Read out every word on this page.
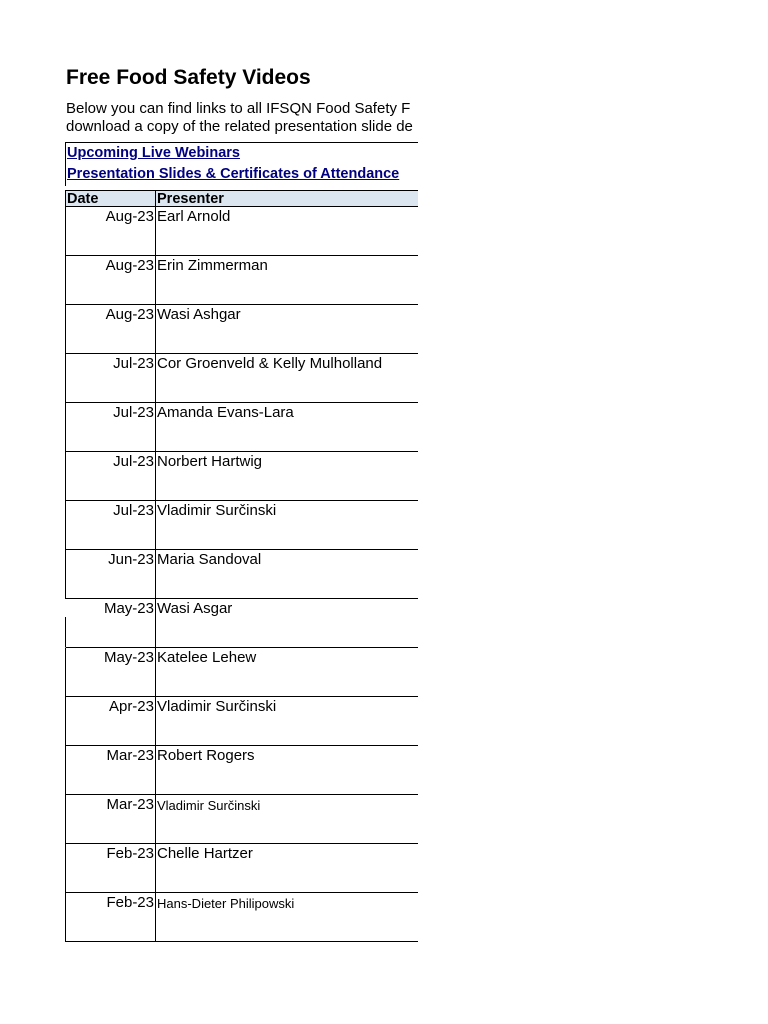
Free Food Safety Videos
Below you can find links to all IFSQN Food Safety F
download a copy of the related presentation slide de
Upcoming Live Webinars
Presentation Slides & Certificates of Attendance
Date	Presenter
Aug-23 Earl Arnold
Aug-23 Erin Zimmerman
Aug-23 Wasi Ashgar
Jul-23 Cor Groenveld & Kelly Mulholland
Jul-23 Amanda Evans-Lara
Jul-23 Norbert Hartwig
Jul-23 Vladimir Surčinski
Jun-23 Maria Sandoval
May-23 Wasi Asgar
May-23 Katelee Lehew
Apr-23 Vladimir Surčinski
Mar-23 Robert Rogers
Mar-23 Vladimir Surčinski
Feb-23 Chelle Hartzer
Feb-23 Hans-Dieter Philipowski
